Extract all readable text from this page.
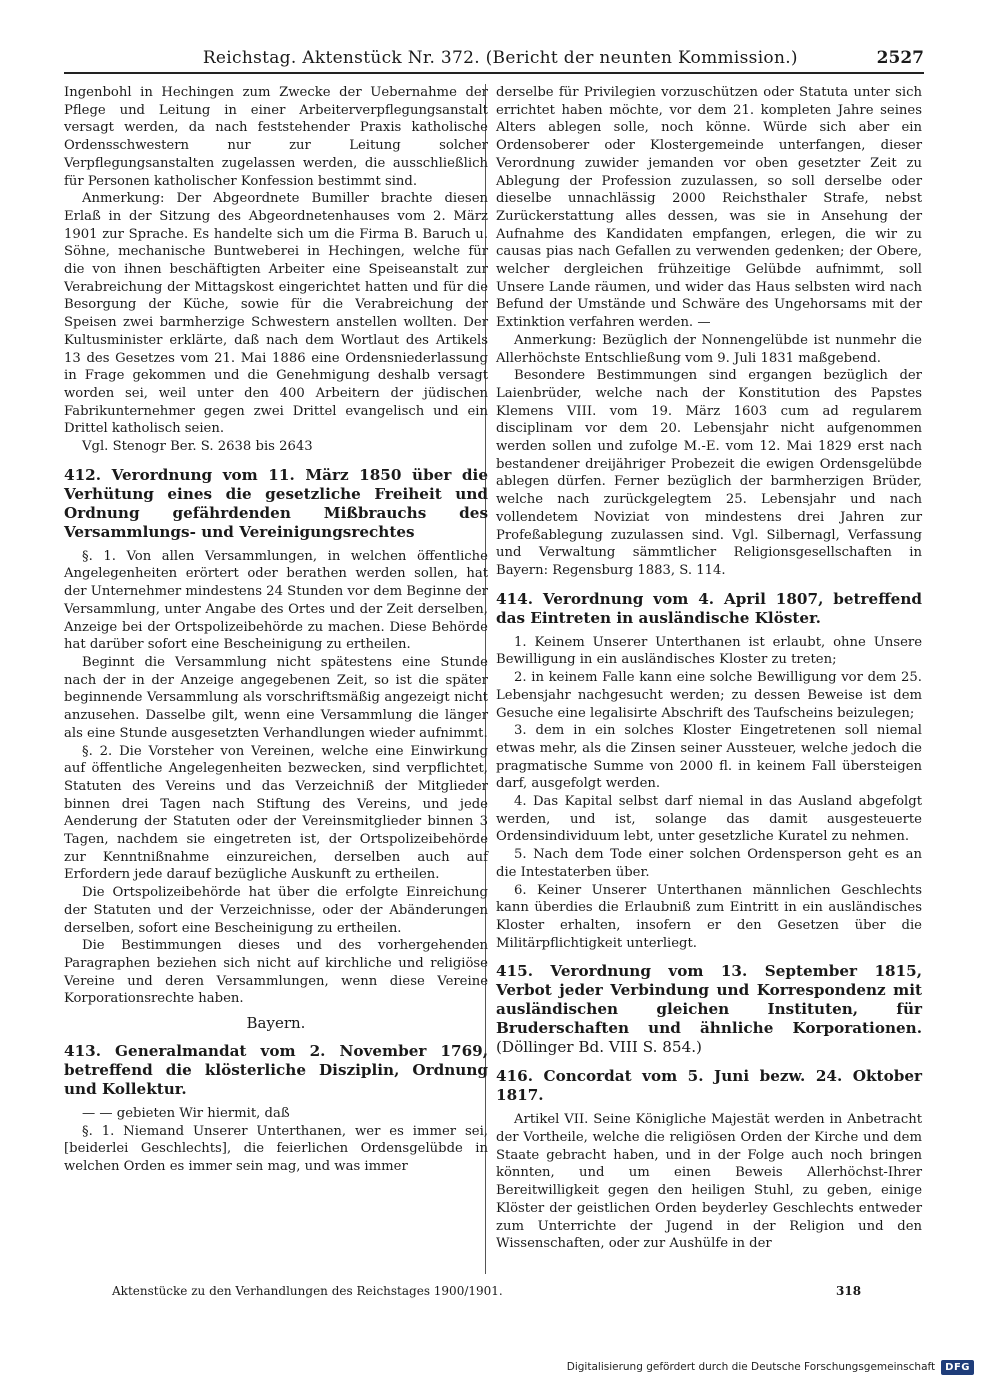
Reichstag. Aktenstück Nr. 372. (Bericht der neunten Kommission.)	2527

Ingenbohl in Hechingen zum Zwecke der Uebernahme der Pflege und Leitung in einer Arbeiterverpflegungsanstalt versagt werden, da nach feststehender Praxis katholische Ordensschwestern nur zur Leitung solcher Verpflegungsanstalten zugelassen werden, die ausschließlich für Personen katholischer Konfession bestimmt sind.

Anmerkung: Der Abgeordnete Bumiller brachte diesen Erlaß in der Sitzung des Abgeordnetenhauses vom 2. März 1901 zur Sprache. Es handelte sich um die Firma B. Baruch u. Söhne, mechanische Buntweberei in Hechingen, welche für die von ihnen beschäftigten Arbeiter eine Speiseanstalt zur Verabreichung der Mittagskost eingerichtet hatten und für die Besorgung der Küche, sowie für die Verabreichung der Speisen zwei barmherzige Schwestern anstellen wollten. Der Kultusminister erklärte, daß nach dem Wortlaut des Artikels 13 des Gesetzes vom 21. Mai 1886 eine Ordensniederlassung in Frage gekommen und die Genehmigung deshalb versagt worden sei, weil unter den 400 Arbeitern der jüdischen Fabrikunternehmer gegen zwei Drittel evangelisch und ein Drittel katholisch seien.

Vgl. Stenogr Ber. S. 2638 bis 2643

412. Verordnung vom 11. März 1850 über die Verhütung eines die gesetzliche Freiheit und Ordnung gefährdenden Mißbrauchs des Versammlungs- und Vereinigungsrechtes

§. 1. Von allen Versammlungen, in welchen öffentliche Angelegenheiten erörtert oder berathen werden sollen, hat der Unternehmer mindestens 24 Stunden vor dem Beginne der Versammlung, unter Angabe des Ortes und der Zeit derselben, Anzeige bei der Ortspolizeibehörde zu machen. Diese Behörde hat darüber sofort eine Bescheinigung zu ertheilen.

Beginnt die Versammlung nicht spätestens eine Stunde nach der in der Anzeige angegebenen Zeit, so ist die später beginnende Versammlung als vorschriftsmäßig angezeigt nicht anzusehen. Dasselbe gilt, wenn eine Versammlung die länger als eine Stunde ausgesetzten Verhandlungen wieder aufnimmt.

§. 2. Die Vorsteher von Vereinen, welche eine Einwirkung auf öffentliche Angelegenheiten bezwecken, sind verpflichtet, Statuten des Vereins und das Verzeichniß der Mitglieder binnen drei Tagen nach Stiftung des Vereins, und jede Aenderung der Statuten oder der Vereinsmitglieder binnen 3 Tagen, nachdem sie eingetreten ist, der Ortspolizeibehörde zur Kenntnißnahme einzureichen, derselben auch auf Erfordern jede darauf bezügliche Auskunft zu ertheilen.

Die Ortspolizeibehörde hat über die erfolgte Einreichung der Statuten und der Verzeichnisse, oder der Abänderungen derselben, sofort eine Bescheinigung zu ertheilen.

Die Bestimmungen dieses und des vorhergehenden Paragraphen beziehen sich nicht auf kirchliche und religiöse Vereine und deren Versammlungen, wenn diese Vereine Korporationsrechte haben.

Bayern.
413. Generalmandat vom 2. November 1769, betreffend die klösterliche Disziplin, Ordnung und Kollektur.

— — gebieten Wir hiermit, daß

§. 1. Niemand Unserer Unterthanen, wer es immer sei, [beiderlei Geschlechts], die feierlichen Ordensgelübde in welchen Orden es immer sein mag, und was immer

derselbe für Privilegien vorzuschützen oder Statuta unter sich errichtet haben möchte, vor dem 21. kompleten Jahre seines Alters ablegen solle, noch könne. Würde sich aber ein Ordensoberer oder Klostergemeinde unterfangen, dieser Verordnung zuwider jemanden vor oben gesetzter Zeit zu Ablegung der Profession zuzulassen, so soll derselbe oder dieselbe unnachlässig 2000 Reichsthaler Strafe, nebst Zurückerstattung alles dessen, was sie in Ansehung der Aufnahme des Kandidaten empfangen, erlegen, die wir zu causas pias nach Gefallen zu verwenden gedenken; der Obere, welcher dergleichen frühzeitige Gelübde aufnimmt, soll Unsere Lande räumen, und wider das Haus selbsten wird nach Befund der Umstände und Schwäre des Ungehorsams mit der Extinktion verfahren werden. —

Anmerkung: Bezüglich der Nonnengelübde ist nunmehr die Allerhöchste Entschließung vom 9. Juli 1831 maßgebend.

Besondere Bestimmungen sind ergangen bezüglich der Laienbrüder, welche nach der Konstitution des Papstes Klemens VIII. vom 19. März 1603 cum ad regularem disciplinam vor dem 20. Lebensjahr nicht aufgenommen werden sollen und zufolge M.-E. vom 12. Mai 1829 erst nach bestandener dreijähriger Probezeit die ewigen Ordensgelübde ablegen dürfen. Ferner bezüglich der barmherzigen Brüder, welche nach zurückgelegtem 25. Lebensjahr und nach vollendetem Noviziat von mindestens drei Jahren zur Profeßablegung zuzulassen sind. Vgl. Silbernagl, Verfassung und Verwaltung sämmtlicher Religionsgesellschaften in Bayern: Regensburg 1883, S. 114.

414. Verordnung vom 4. April 1807, betreffend das Eintreten in ausländische Klöster.

1. Keinem Unserer Unterthanen ist erlaubt, ohne Unsere Bewilligung in ein ausländisches Kloster zu treten;

2. in keinem Falle kann eine solche Bewilligung vor dem 25. Lebensjahr nachgesucht werden; zu dessen Beweise ist dem Gesuche eine legalisirte Abschrift des Taufscheins beizulegen;

3. dem in ein solches Kloster Eingetretenen soll niemal etwas mehr, als die Zinsen seiner Aussteuer, welche jedoch die pragmatische Summe von 2000 fl. in keinem Fall übersteigen darf, ausgefolgt werden.

4. Das Kapital selbst darf niemal in das Ausland abgefolgt werden, und ist, solange das damit ausgesteuerte Ordensindividuum lebt, unter gesetzliche Kuratel zu nehmen.

5. Nach dem Tode einer solchen Ordensperson geht es an die Intestaterben über.

6. Keiner Unserer Unterthanen männlichen Geschlechts kann überdies die Erlaubniß zum Eintritt in ein ausländisches Kloster erhalten, insofern er den Gesetzen über die Militärpflichtigkeit unterliegt.

415. Verordnung vom 13. September 1815, Verbot jeder Verbindung und Korrespondenz mit ausländischen gleichen Instituten, für Bruderschaften und ähnliche Korporationen. (Döllinger Bd. VIII S. 854.)
416. Concordat vom 5. Juni bezw. 24. Oktober 1817.

Artikel VII. Seine Königliche Majestät werden in Anbetracht der Vortheile, welche die religiösen Orden der Kirche und dem Staate gebracht haben, und in der Folge auch noch bringen könnten, und um einen Beweis Allerhöchst-Ihrer Bereitwilligkeit gegen den heiligen Stuhl, zu geben, einige Klöster der geistlichen Orden beyderley Geschlechts entweder zum Unterrichte der Jugend in der Religion und den Wissenschaften, oder zur Aushülfe in der

Aktenstücke zu den Verhandlungen des Reichstages 1900/1901.	318
Digitalisierung gefördert durch die Deutsche Forschungsgemeinschaft	DFG
